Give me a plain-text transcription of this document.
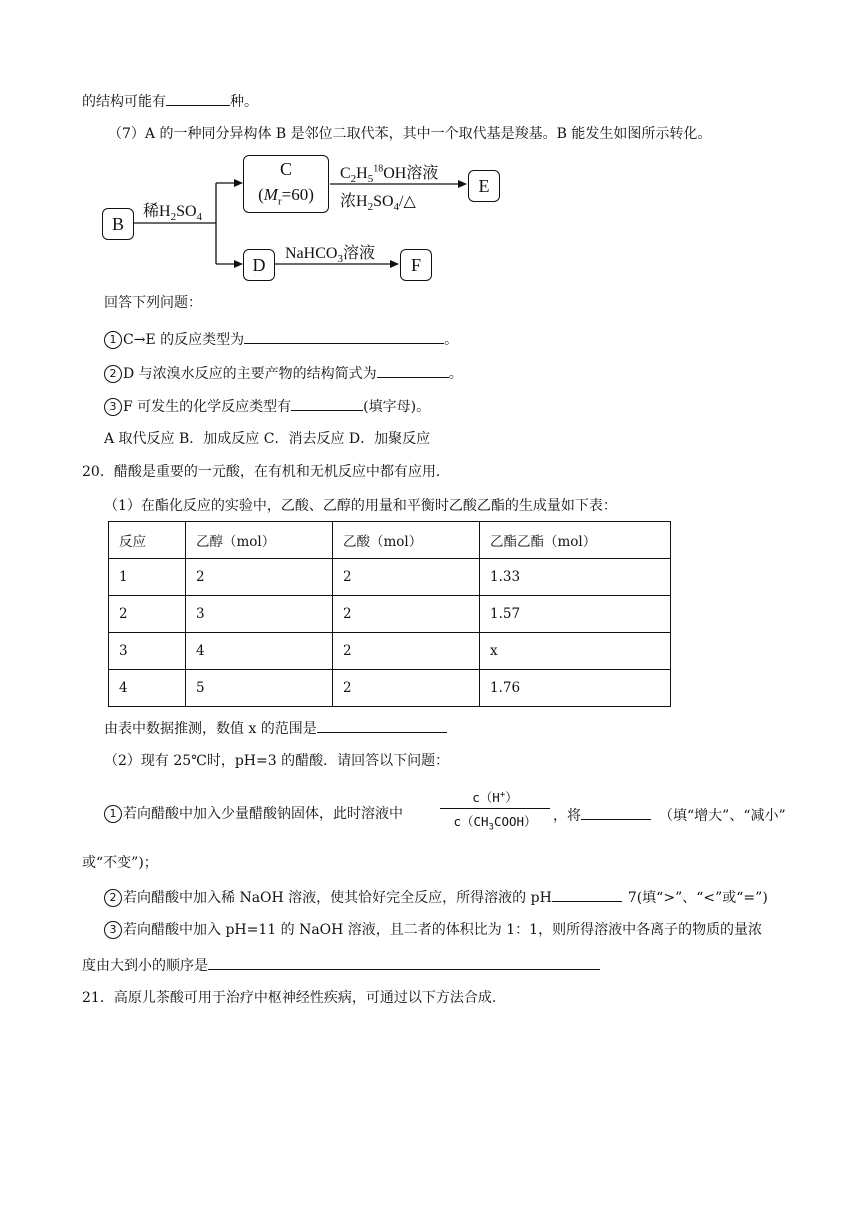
的结构可能有	种。
（7）A 的一种同分异构体 B 是邻位二取代苯，其中一个取代基是羧基。B 能发生如图所示转化。
B
C
$(M_r=60)$	E
D	F
稀$H_2SO_4$
$C_2H_5^{18}OH$溶液
浓$H_2SO_4/\triangle$
NaHCO$_3$溶液
回答下列问题：
1 C→E 的反应类型为	。
2 D 与浓溴水反应的主要产物的结构简式为	。
3 F 可发生的化学反应类型有	(填字母)。
A 取代反应 B．加成反应 C．消去反应 D．加聚反应
20．醋酸是重要的一元酸，在有机和无机反应中都有应用.
（1）在酯化反应的实验中，乙酸、乙醇的用量和平衡时乙酸乙酯的生成量如下表：
反应	乙醇（mol）	乙酸（mol）	乙酯乙酯（mol）
1	2	2	1.33
2	3	2	1.57
3	4	2	x
4	5	2	1.76
由表中数据推测，数值 x 的范围是
（2）现有 25℃时，pH=3 的醋酸．请回答以下问题：
1 若向醋酸中加入少量醋酸钠固体，此时溶液中
c（H+）
$c(CH_3COOH)$	，将	（填“增大”、“减小”
或“不变”)；
2 若向醋酸中加入稀 NaOH 溶液，使其恰好完全反应，所得溶液的 pH	7(填“>”、“<”或“=”)
3 若向醋酸中加入 pH=11 的 NaOH 溶液，且二者的体积比为 1：1，则所得溶液中各离子的物质的量浓
度由大到小的顺序是
21．高原儿茶酸可用于治疗中枢神经性疾病，可通过以下方法合成.
